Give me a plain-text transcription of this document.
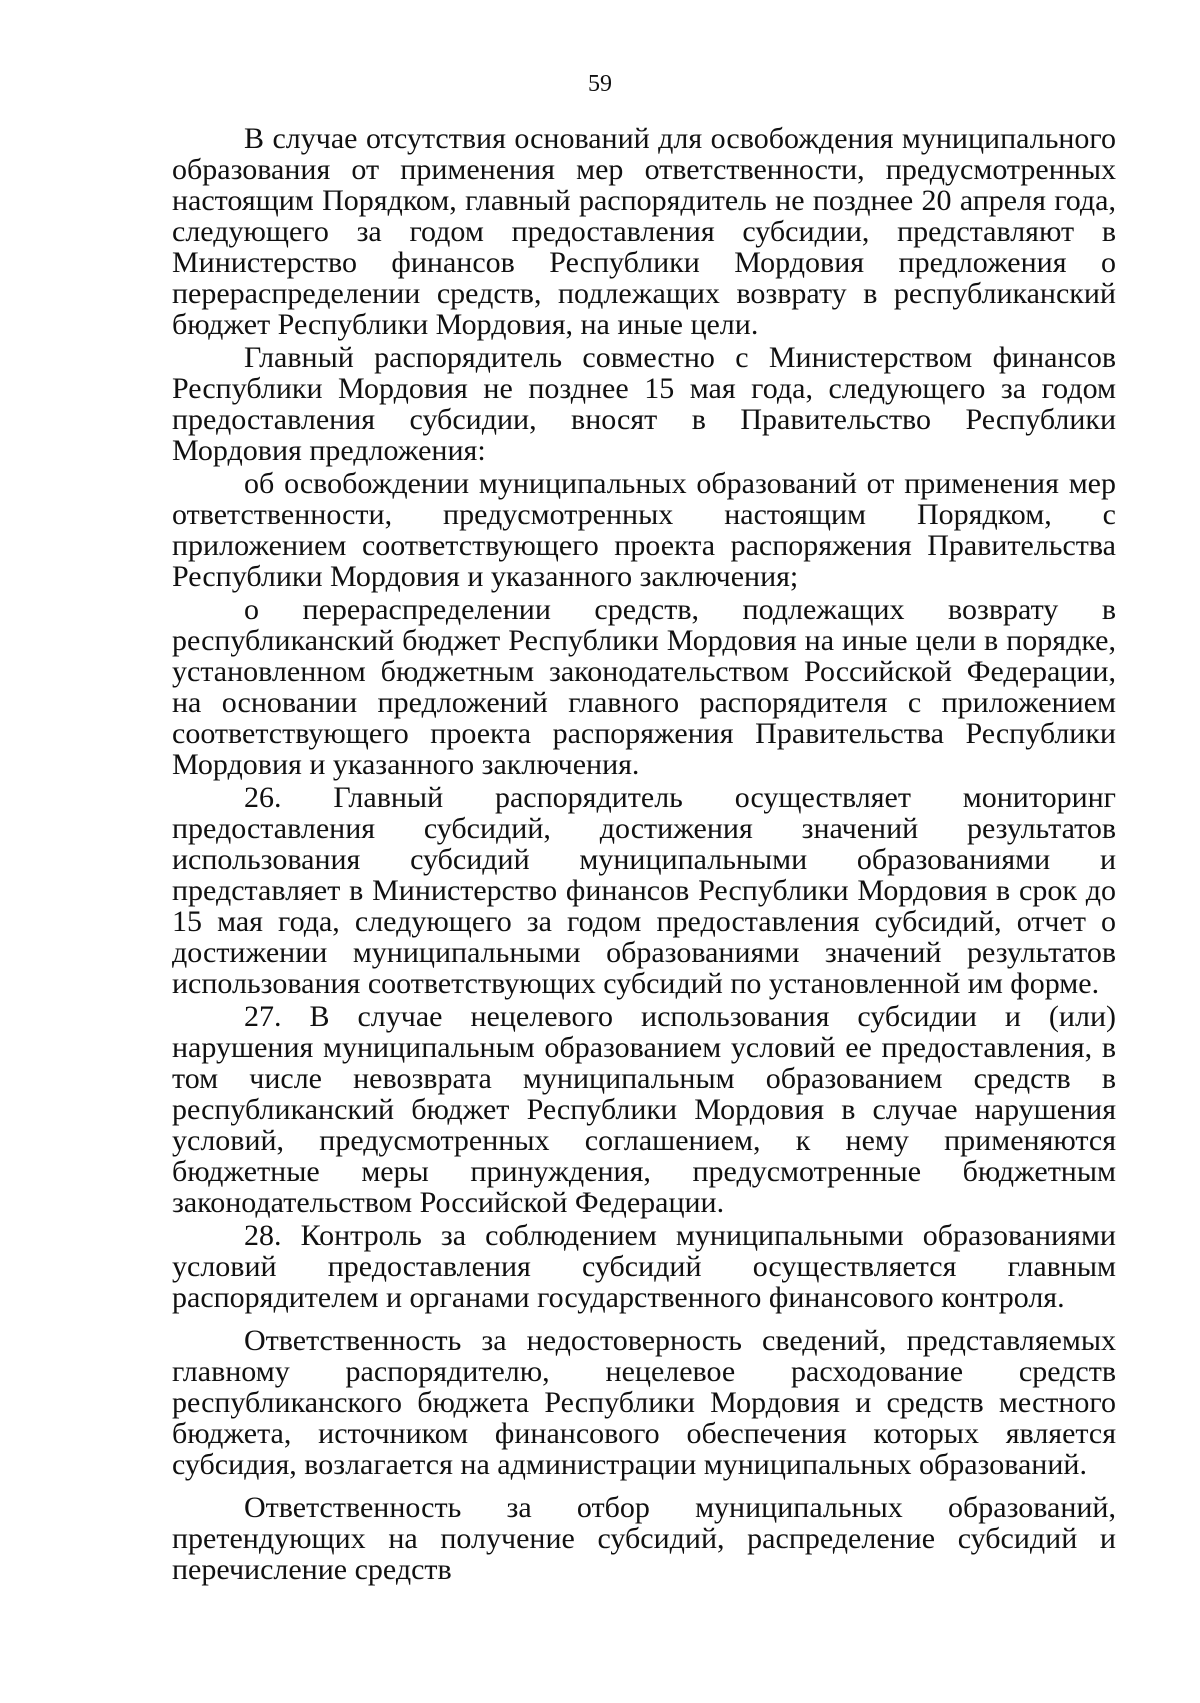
59

В случае отсутствия оснований для освобождения муниципального образования от применения мер ответственности, предусмотренных настоящим Порядком, главный распорядитель не позднее 20 апреля года, следующего за годом предоставления субсидии, представляют в Министерство финансов Республики Мордовия предложения о перераспределении средств, подлежащих возврату в республиканский бюджет Республики Мордовия, на иные цели.

Главный распорядитель совместно с Министерством финансов Республики Мордовия не позднее 15 мая года, следующего за годом предоставления субсидии, вносят в Правительство Республики Мордовия предложения:

об освобождении муниципальных образований от применения мер ответственности, предусмотренных настоящим Порядком, с приложением соответствующего проекта распоряжения Правительства Республики Мордовия и указанного заключения;

о перераспределении средств, подлежащих возврату в республиканский бюджет Республики Мордовия на иные цели в порядке, установленном бюджетным законодательством Российской Федерации, на основании предложений главного распорядителя с приложением соответствующего проекта распоряжения Правительства Республики Мордовия и указанного заключения.

26. Главный распорядитель осуществляет мониторинг предоставления субсидий, достижения значений результатов использования субсидий муниципальными образованиями и представляет в Министерство финансов Республики Мордовия в срок до 15 мая года, следующего за годом предоставления субсидий, отчет о достижении муниципальными образованиями значений результатов использования соответствующих субсидий по установленной им форме.

27. В случае нецелевого использования субсидии и (или) нарушения муниципальным образованием условий ее предоставления, в том числе невозврата муниципальным образованием средств в республиканский бюджет Республики Мордовия в случае нарушения условий, предусмотренных соглашением, к нему применяются бюджетные меры принуждения, предусмотренные бюджетным законодательством Российской Федерации.

28. Контроль за соблюдением муниципальными образованиями условий предоставления субсидий осуществляется главным распорядителем и органами государственного финансового контроля.

Ответственность за недостоверность сведений, представляемых главному распорядителю, нецелевое расходование средств республиканского бюджета Республики Мордовия и средств местного бюджета, источником финансового обеспечения которых является субсидия, возлагается на администрации муниципальных образований.

Ответственность за отбор муниципальных образований, претендующих на получение субсидий, распределение субсидий и перечисление средств
